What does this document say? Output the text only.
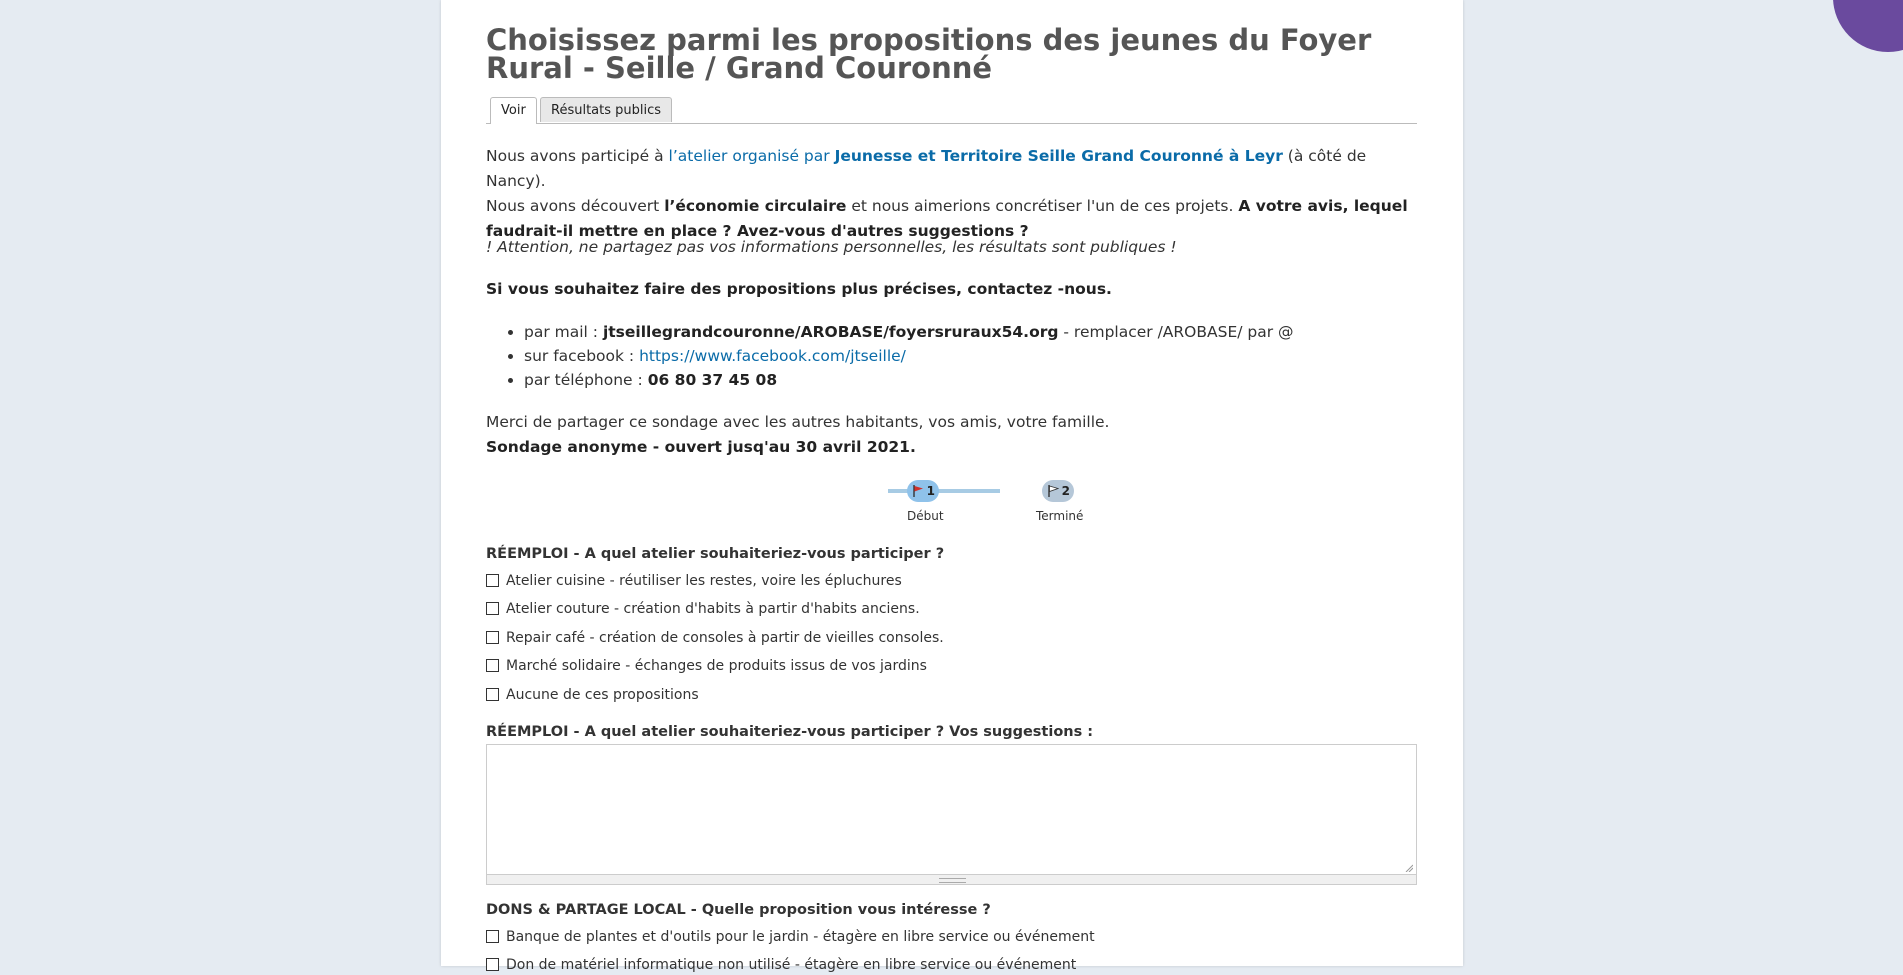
Choisissez parmi les propositions des jeunes du Foyer Rural - Seille / Grand Couronné
Voir	Résultats publics
Nous avons participé à l’atelier organisé par Jeunesse et Territoire Seille Grand Couronné à Leyr (à côté de Nancy).
Nous avons découvert l’économie circulaire et nous aimerions concrétiser l'un de ces projets. A votre avis, lequel faudrait-il mettre en place ? Avez-vous d'autres suggestions ?
! Attention, ne partagez pas vos informations personnelles, les résultats sont publiques !
Si vous souhaitez faire des propositions plus précises, contactez -nous.
• par mail : jtseillegrandcouronne/AROBASE/foyersruraux54.org - remplacer /AROBASE/ par @
• sur facebook : https://www.facebook.com/jtseille/
• par téléphone : 06 80 37 45 08
Merci de partager ce sondage avec les autres habitants, vos amis, votre famille.
Sondage anonyme - ouvert jusq'au 30 avril 2021.
1	2
Début	Terminé
RÉEMPLOI - A quel atelier souhaiteriez-vous participer ?
Atelier cuisine - réutiliser les restes, voire les épluchures
Atelier couture - création d'habits à partir d'habits anciens.
Repair café - création de consoles à partir de vieilles consoles.
Marché solidaire - échanges de produits issus de vos jardins
Aucune de ces propositions
RÉEMPLOI - A quel atelier souhaiteriez-vous participer ? Vos suggestions :
DONS & PARTAGE LOCAL - Quelle proposition vous intéresse ?
Banque de plantes et d'outils pour le jardin - étagère en libre service ou événement
Don de matériel informatique non utilisé - étagère en libre service ou événement
